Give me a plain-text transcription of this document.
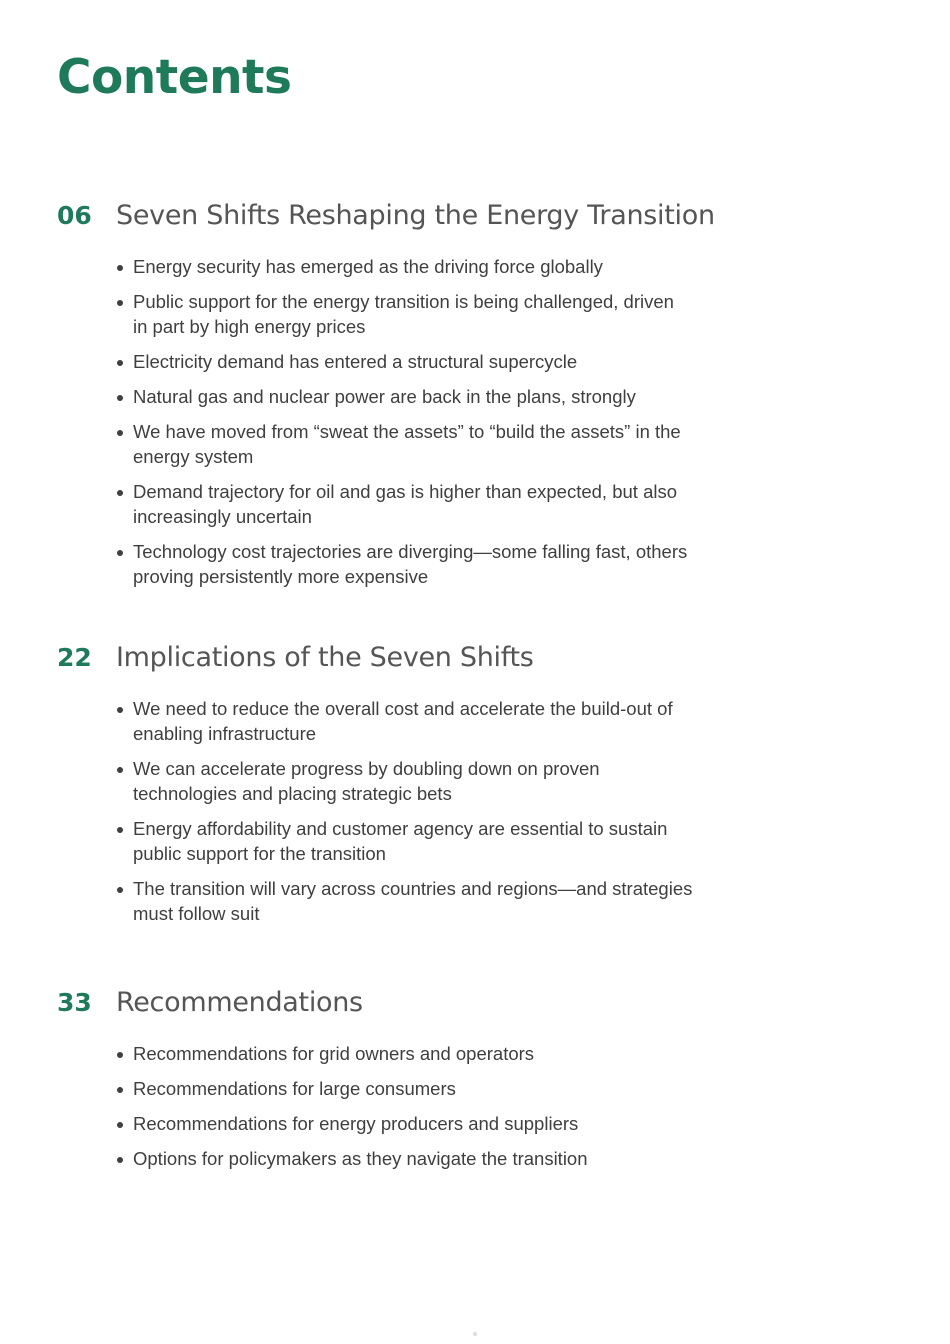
Contents
06 Seven Shifts Reshaping the Energy Transition
Energy security has emerged as the driving force globally
Public support for the energy transition is being challenged, driven in part by high energy prices
Electricity demand has entered a structural supercycle
Natural gas and nuclear power are back in the plans, strongly
We have moved from “sweat the assets” to “build the assets” in the energy system
Demand trajectory for oil and gas is higher than expected, but also increasingly uncertain
Technology cost trajectories are diverging—some falling fast, others proving persistently more expensive
22 Implications of the Seven Shifts
We need to reduce the overall cost and accelerate the build-out of enabling infrastructure
We can accelerate progress by doubling down on proven technologies and placing strategic bets
Energy affordability and customer agency are essential to sustain public support for the transition
The transition will vary across countries and regions—and strategies must follow suit
33 Recommendations
Recommendations for grid owners and operators
Recommendations for large consumers
Recommendations for energy producers and suppliers
Options for policymakers as they navigate the transition
